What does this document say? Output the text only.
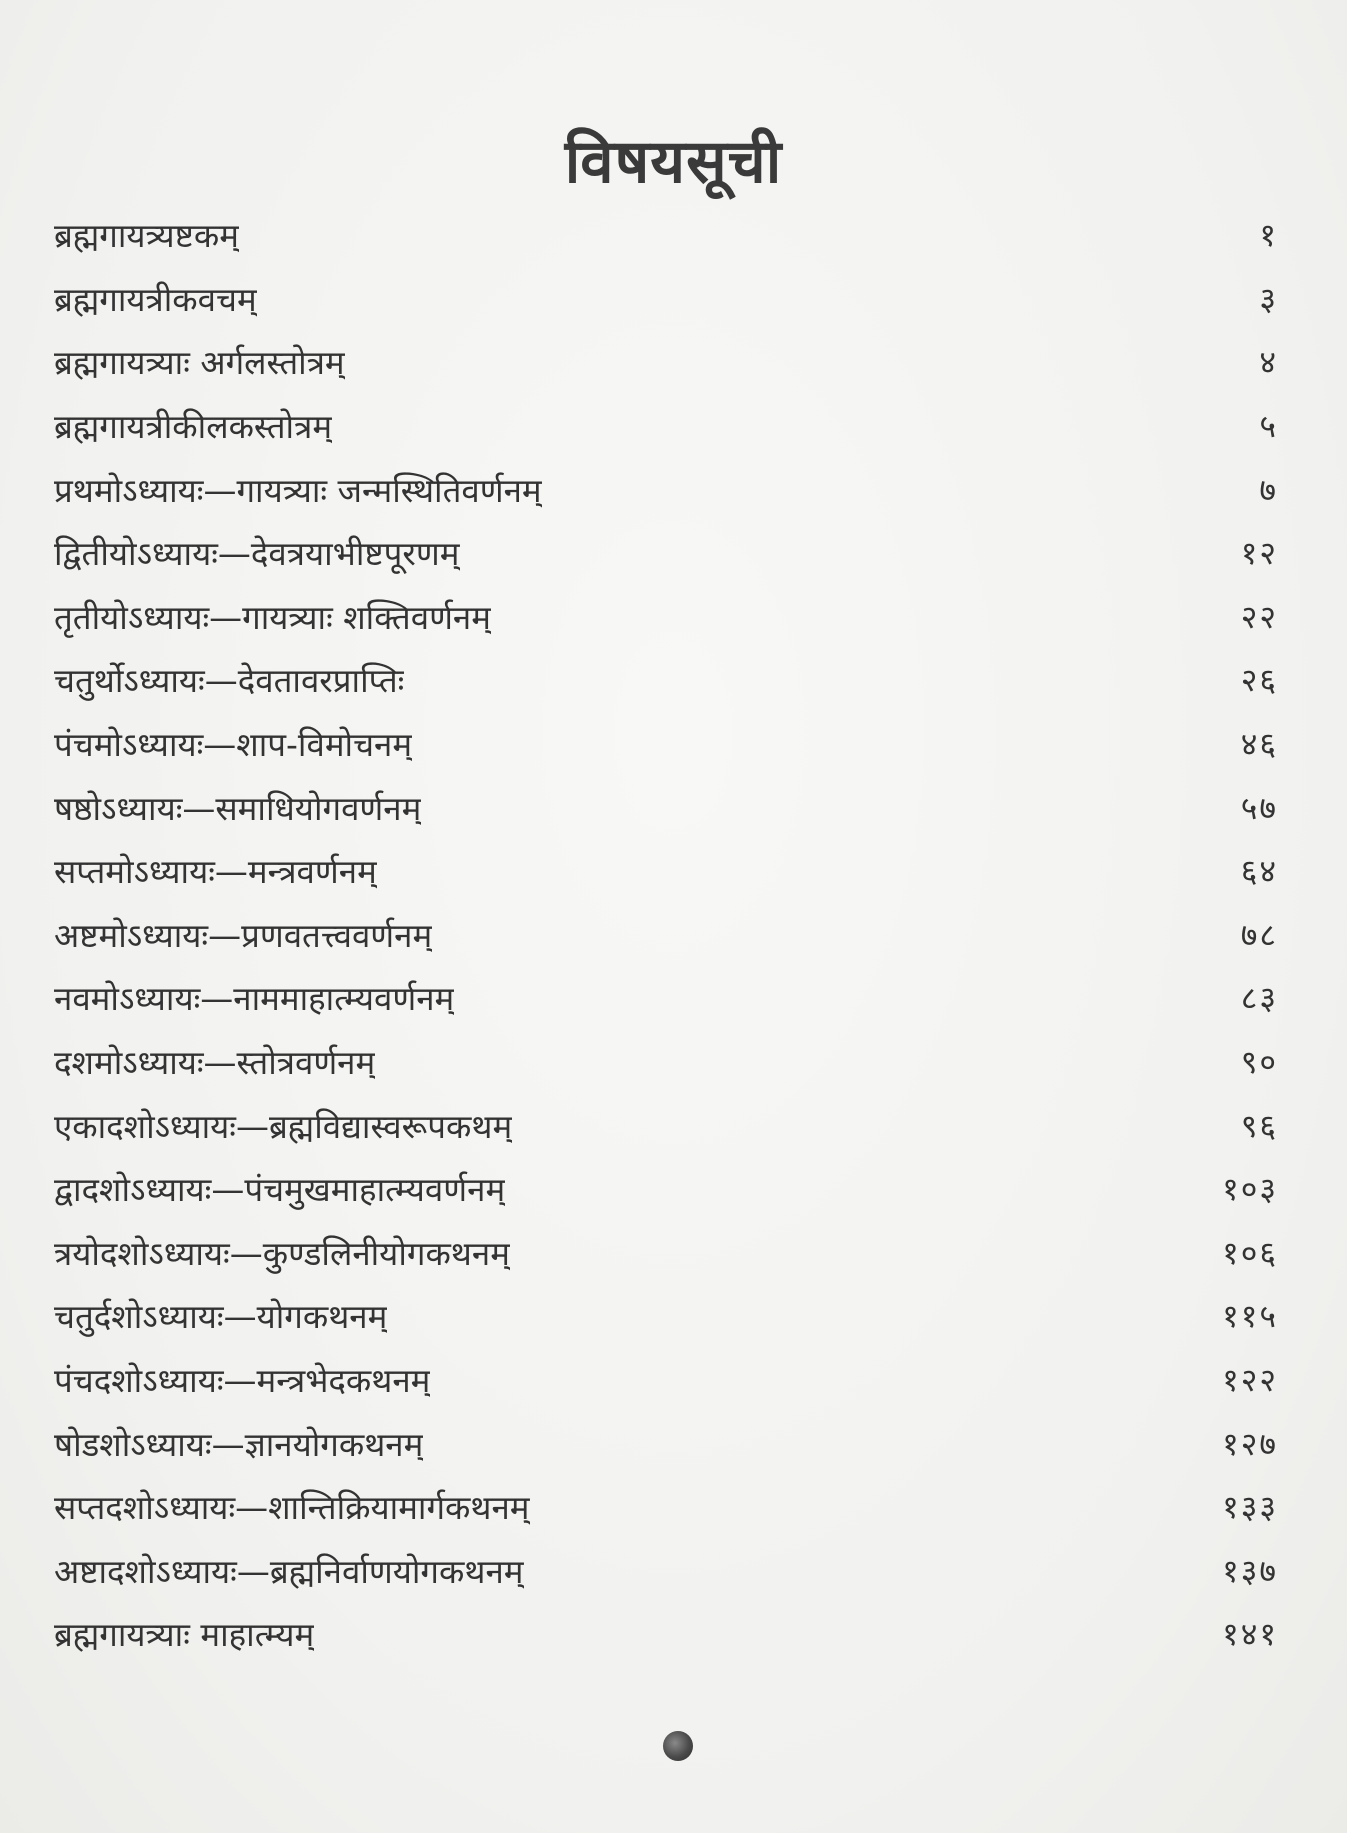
विषयसूची
ब्रह्मगायत्र्यष्टकम्	१
ब्रह्मगायत्रीकवचम्	३
ब्रह्मगायत्र्याः अर्गलस्तोत्रम्	४
ब्रह्मगायत्रीकीलकस्तोत्रम्	५
प्रथमोऽध्यायः—गायत्र्याः जन्मस्थितिवर्णनम्	७
द्वितीयोऽध्यायः—देवत्रयाभीष्टपूरणम्	१२
तृतीयोऽध्यायः—गायत्र्याः शक्तिवर्णनम्	२२
चतुर्थोऽध्यायः—देवतावरप्राप्तिः	२६
पंचमोऽध्यायः—शाप-विमोचनम्	४६
षष्ठोऽध्यायः—समाधियोगवर्णनम्	५७
सप्तमोऽध्यायः—मन्त्रवर्णनम्	६४
अष्टमोऽध्यायः—प्रणवतत्त्ववर्णनम्	७८
नवमोऽध्यायः—नाममाहात्म्यवर्णनम्	८३
दशमोऽध्यायः—स्तोत्रवर्णनम्	९०
एकादशोऽध्यायः—ब्रह्मविद्यास्वरूपकथम्	९६
द्वादशोऽध्यायः—पंचमुखमाहात्म्यवर्णनम्	१०३
त्रयोदशोऽध्यायः—कुण्डलिनीयोगकथनम्	१०६
चतुर्दशोऽध्यायः—योगकथनम्	११५
पंचदशोऽध्यायः—मन्त्रभेदकथनम्	१२२
षोडशोऽध्यायः—ज्ञानयोगकथनम्	१२७
सप्तदशोऽध्यायः—शान्तिक्रियामार्गकथनम्	१३३
अष्टादशोऽध्यायः—ब्रह्मनिर्वाणयोगकथनम्	१३७
ब्रह्मगायत्र्याः माहात्म्यम्	१४१
